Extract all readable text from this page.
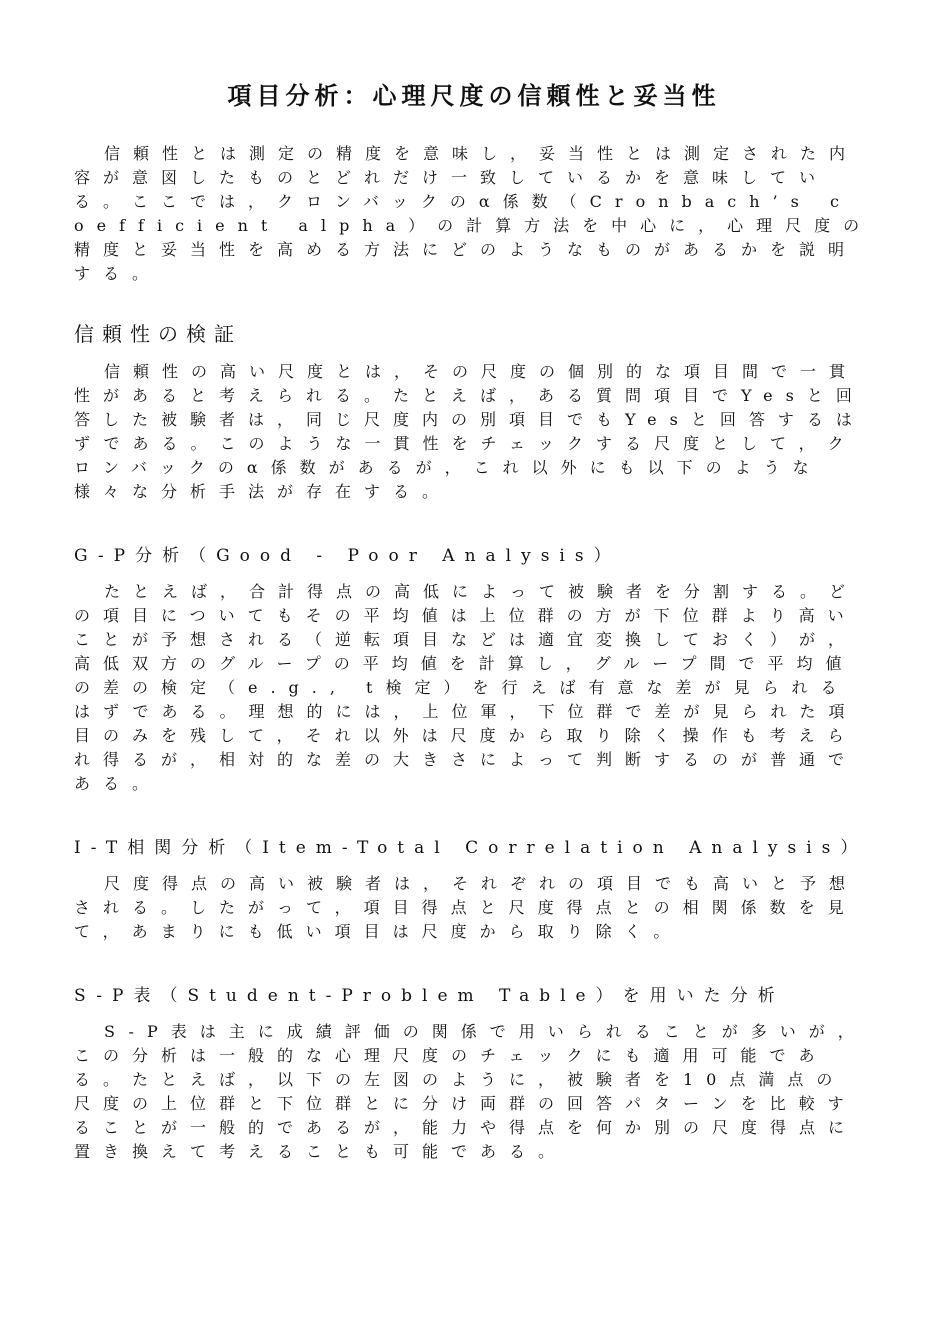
項目分析：心理尺度の信頼性と妥当性

信頼性とは測定の精度を意味し，妥当性とは測定された内容が意図したものとどれだけ一致しているかを意味している。ここでは，クロンバックのα係数（Cronbach’s coefficient alpha）の計算方法を中心に，心理尺度の精度と妥当性を高める方法にどのようなものがあるかを説明する。

信頼性の検証

信頼性の高い尺度とは，その尺度の個別的な項目間で一貫性があると考えられる。たとえば，ある質問項目でYesと回答した被験者は，同じ尺度内の別項目でもYesと回答するはずである。このような一貫性をチェックする尺度として，クロンバックのα係数があるが，これ以外にも以下のような様々な分析手法が存在する。

G-P分析（Good - Poor Analysis）

たとえば，合計得点の高低によって被験者を分割する。どの項目についてもその平均値は上位群の方が下位群より高いことが予想される（逆転項目などは適宜変換しておく）が，高低双方のグループの平均値を計算し，グループ間で平均値の差の検定（e.g., t検定）を行えば有意な差が見られるはずである。理想的には，上位軍，下位群で差が見られた項目のみを残して，それ以外は尺度から取り除く操作も考えられ得るが，相対的な差の大きさによって判断するのが普通である。

I-T相関分析（Item-Total Correlation Analysis）

尺度得点の高い被験者は，それぞれの項目でも高いと予想される。したがって，項目得点と尺度得点との相関係数を見て，あまりにも低い項目は尺度から取り除く。

S-P表（Student-Problem Table）を用いた分析

S-P表は主に成績評価の関係で用いられることが多いが，この分析は一般的な心理尺度のチェックにも適用可能である。たとえば，以下の左図のように，被験者を10点満点の尺度の上位群と下位群とに分け両群の回答パターンを比較することが一般的であるが，能力や得点を何か別の尺度得点に置き換えて考えることも可能である。
